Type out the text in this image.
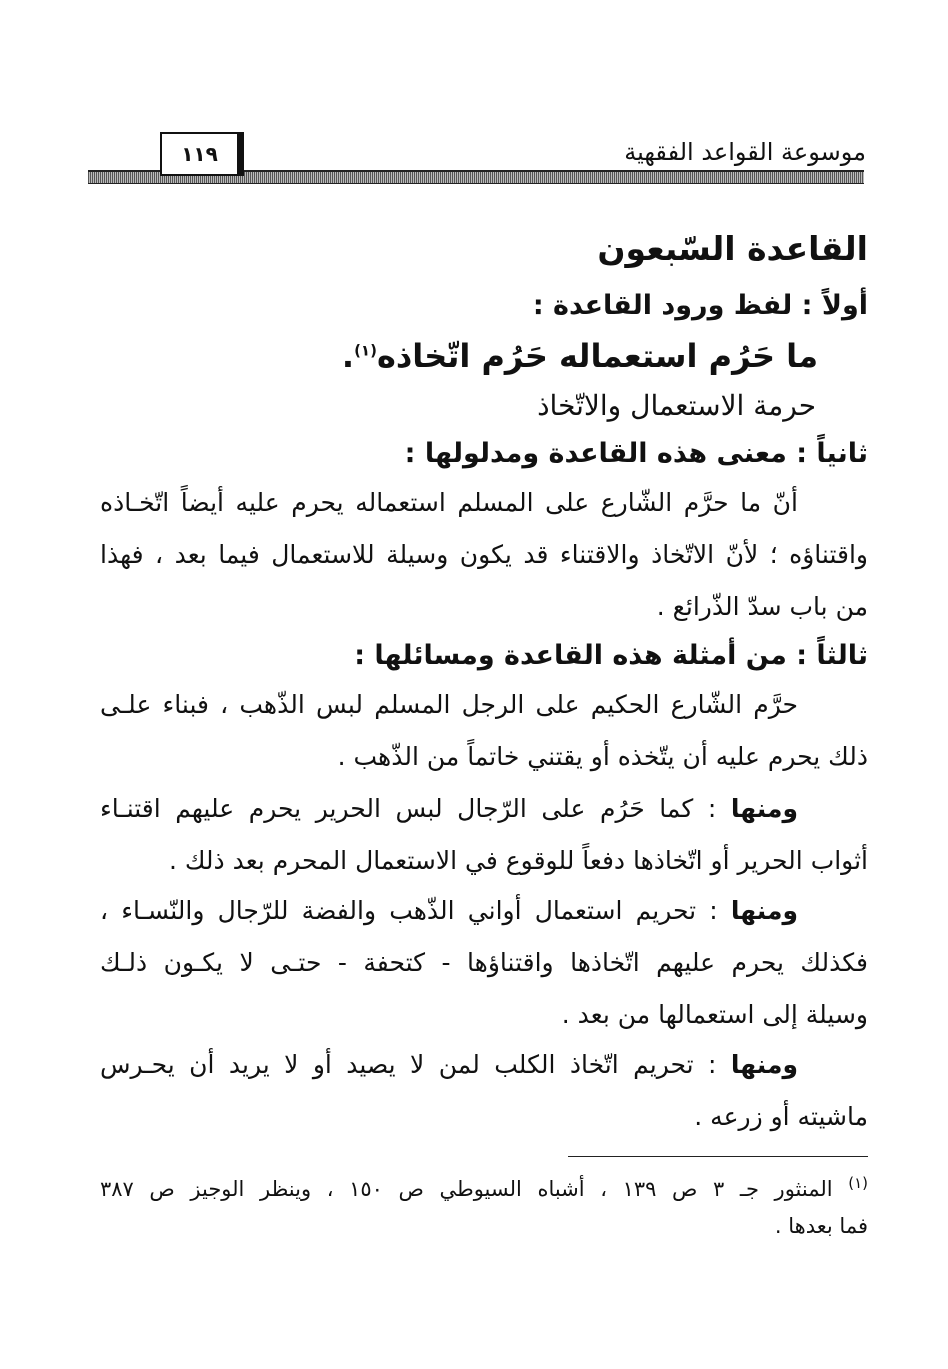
موسوعة القواعد الفقهية
١١٩
القاعدة السّبعون
أولاً : لفظ ورود القاعدة :
ما حَرُم استعماله حَرُم اتّخاذه$^{(١)}$.
حرمة الاستعمال والاتّخاذ
ثانياً : معنى هذه القاعدة ومدلولها :
أنّ ما حرَّم الشّارع على المسلم استعماله يحرم عليه أيضاً اتّخـاذه
واقتناؤه ؛ لأنّ الاتّخاذ والاقتناء قد يكون وسيلة للاستعمال فيما بعد ، فهذا
من باب سدّ الذّرائع .
ثالثاً : من أمثلة هذه القاعدة ومسائلها :
حرَّم الشّارع الحكيم على الرجل المسلم لبس الذّهب ، فبناء علـى
ذلك يحرم عليه أن يتّخذه أو يقتني خاتماً من الذّهب .
ومنها : كما حَرُم على الرّجال لبس الحرير يحرم عليهم اقتنـاء
أثواب الحرير أو اتّخاذها دفعاً للوقوع في الاستعمال المحرم بعد ذلك .
ومنها : تحريم استعمال أواني الذّهب والفضة للرّجال والنّسـاء ،
فكذلك يحرم عليهم اتّخاذها واقتناؤها - كتحفة - حتـى لا يكـون ذلـك
وسيلة إلى استعمالها من بعد .
ومنها : تحريم اتّخاذ الكلب لمن لا يصيد أو لا يريد أن يحـرس
ماشيته أو زرعه .
$^{(١)}$ المنثور جـ ٣ ص ١٣٩ ، أشباه السيوطي ص ١٥٠ ، وينظر الوجيز ص ٣٨٧
فما بعدها .
